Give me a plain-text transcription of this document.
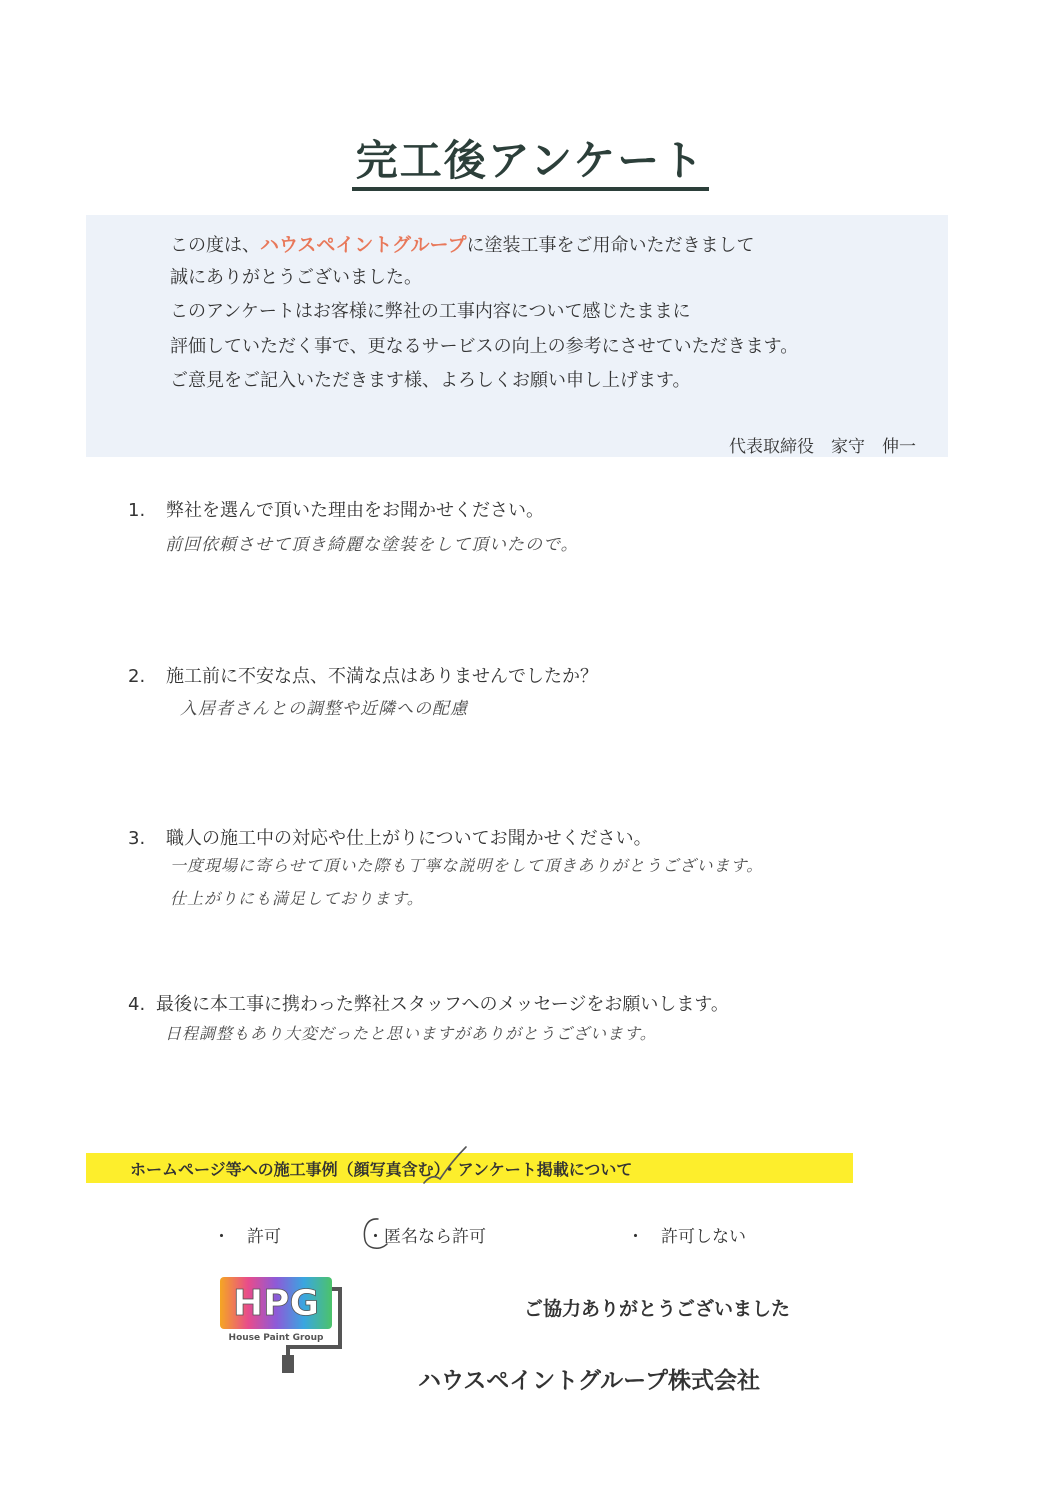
完工後アンケート
この度は、ハウスペイントグループに塗装工事をご用命いただきまして
誠にありがとうございました。
このアンケートはお客様に弊社の工事内容について感じたままに
評価していただく事で、更なるサービスの向上の参考にさせていただきます。
ご意見をご記入いただきます様、よろしくお願い申し上げます。
代表取締役　家守　伸一
1. 弊社を選んで頂いた理由をお聞かせください。
前回依頼させて頂き綺麗な塗装をして頂いたので。
2. 施工前に不安な点、不満な点はありませんでしたか？
入居者さんとの調整や近隣への配慮
3. 職人の施工中の対応や仕上がりについてお聞かせください。
一度現場に寄らせて頂いた際も丁寧な説明をして頂きありがとうございます。
仕上がりにも満足しております。
4. 最後に本工事に携わった弊社スタッフへのメッセージをお願いします。
日程調整もあり大変だったと思いますがありがとうございます。
ホームページ等への施工事例（顔写真含む）・アンケート掲載について
・　許可	・匿名なら許可	・　許可しない
HPG
House Paint Group
ご協力ありがとうございました
ハウスペイントグループ株式会社
